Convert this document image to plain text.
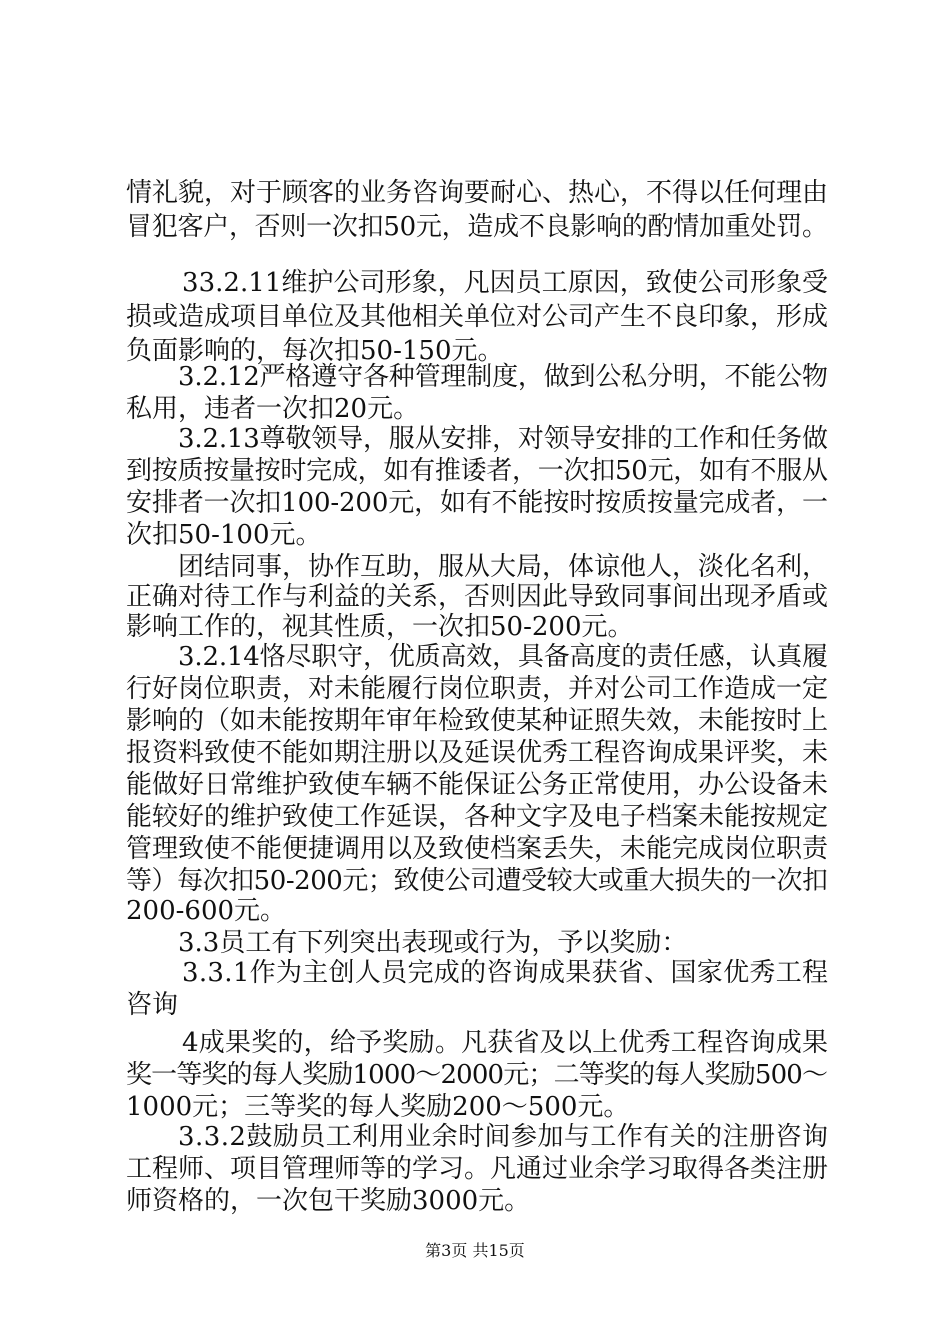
情礼貌，对于顾客的业务咨询要耐心、热心，不得以任何理由
冒犯客户，否则一次扣50元，造成不良影响的酌情加重处罚。
33.2.11维护公司形象，凡因员工原因，致使公司形象受
损或造成项目单位及其他相关单位对公司产生不良印象，形成
负面影响的，每次扣50-150元。
3.2.12严格遵守各种管理制度，做到公私分明，不能公物
私用，违者一次扣20元。
3.2.13尊敬领导，服从安排，对领导安排的工作和任务做
到按质按量按时完成，如有推诿者，一次扣50元，如有不服从
安排者一次扣100-200元，如有不能按时按质按量完成者，一
次扣50-100元。
团结同事，协作互助，服从大局，体谅他人，淡化名利，
正确对待工作与利益的关系，否则因此导致同事间出现矛盾或
影响工作的，视其性质，一次扣50-200元。
3.2.14恪尽职守，优质高效，具备高度的责任感，认真履
行好岗位职责，对未能履行岗位职责，并对公司工作造成一定
影响的（如未能按期年审年检致使某种证照失效，未能按时上
报资料致使不能如期注册以及延误优秀工程咨询成果评奖，未
能做好日常维护致使车辆不能保证公务正常使用，办公设备未
能较好的维护致使工作延误，各种文字及电子档案未能按规定
管理致使不能便捷调用以及致使档案丢失，未能完成岗位职责
等）每次扣50-200元；致使公司遭受较大或重大损失的一次扣
200-600元。
3.3员工有下列突出表现或行为，予以奖励：
3.3.1作为主创人员完成的咨询成果获省、国家优秀工程
咨询
4成果奖的，给予奖励。凡获省及以上优秀工程咨询成果
奖一等奖的每人奖励1000～2000元；二等奖的每人奖励500～
1000元；三等奖的每人奖励200～500元。
3.3.2鼓励员工利用业余时间参加与工作有关的注册咨询
工程师、项目管理师等的学习。凡通过业余学习取得各类注册
师资格的，一次包干奖励3000元。
第3页 共15页
